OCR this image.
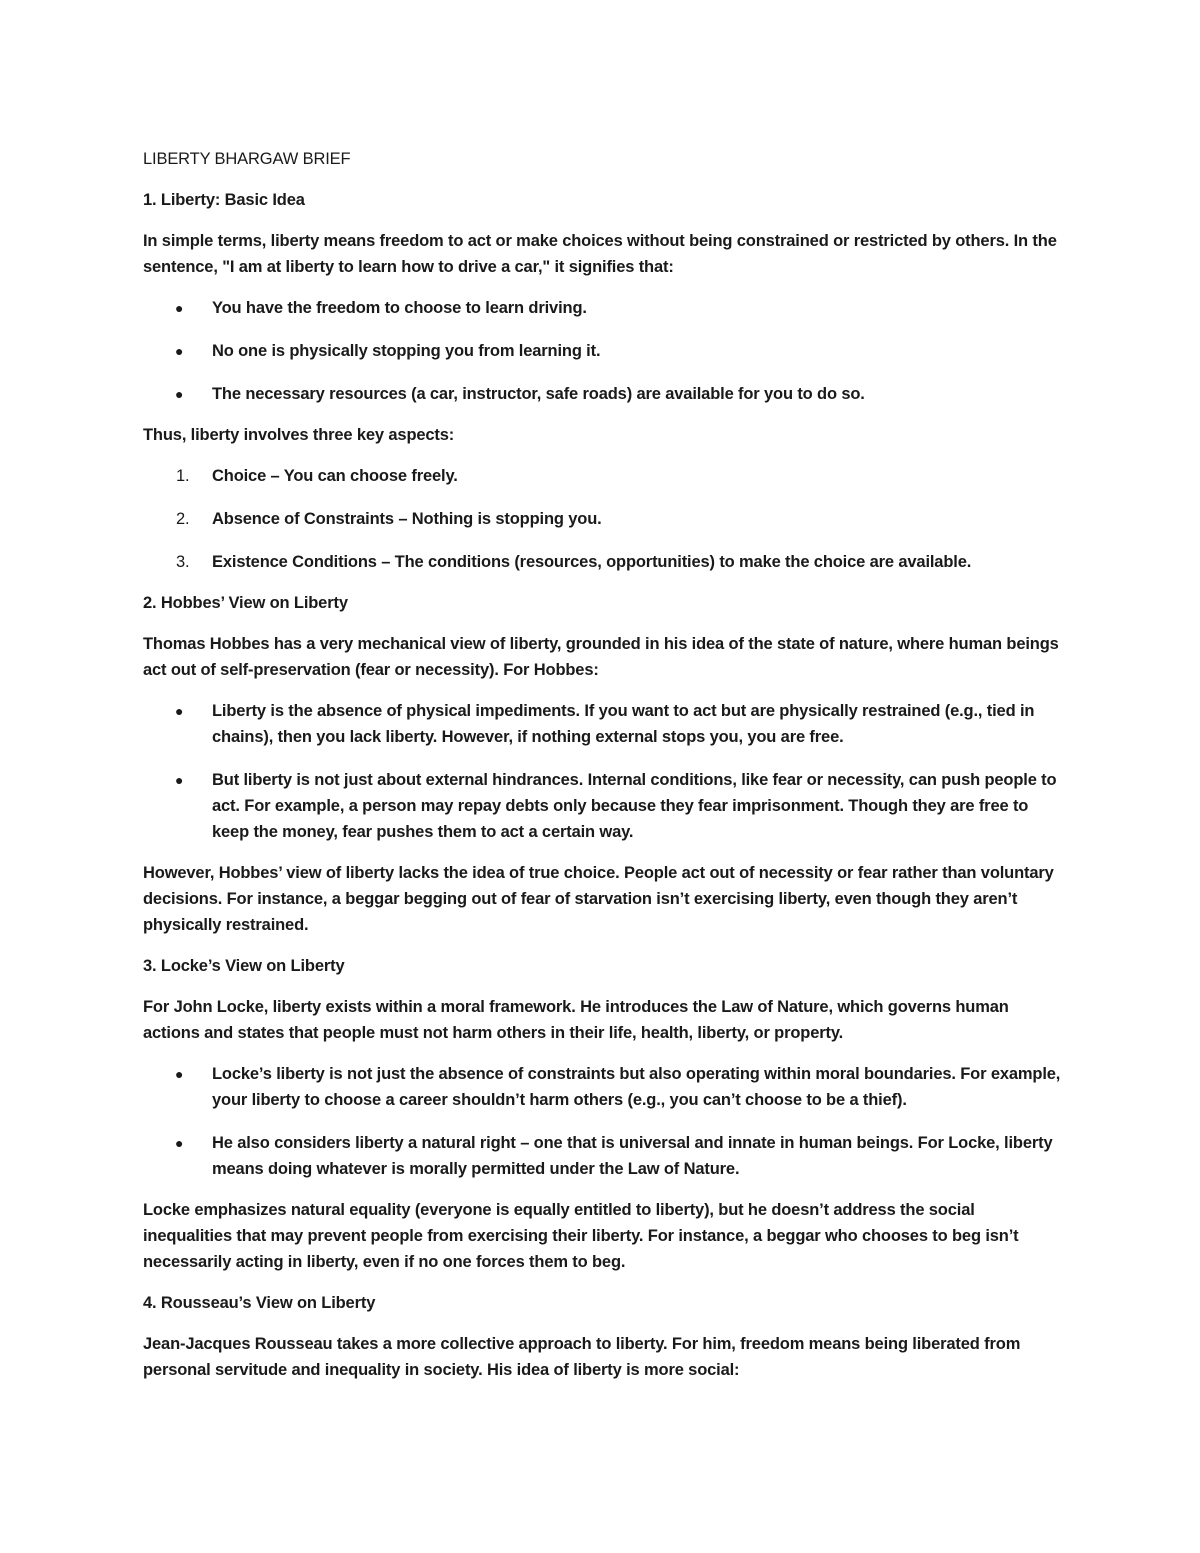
LIBERTY BHARGAW BRIEF

1. Liberty: Basic Idea

In simple terms, liberty means freedom to act or make choices without being constrained or restricted by others. In the sentence, "I am at liberty to learn how to drive a car," it signifies that:

● You have the freedom to choose to learn driving.
● No one is physically stopping you from learning it.
● The necessary resources (a car, instructor, safe roads) are available for you to do so.

Thus, liberty involves three key aspects:

1. Choice – You can choose freely.
2. Absence of Constraints – Nothing is stopping you.
3. Existence Conditions – The conditions (resources, opportunities) to make the choice are available.
2. Hobbes’ View on Liberty

Thomas Hobbes has a very mechanical view of liberty, grounded in his idea of the state of nature, where human beings act out of self-preservation (fear or necessity). For Hobbes:

● Liberty is the absence of physical impediments. If you want to act but are physically restrained (e.g., tied in chains), then you lack liberty. However, if nothing external stops you, you are free.
● But liberty is not just about external hindrances. Internal conditions, like fear or necessity, can push people to act. For example, a person may repay debts only because they fear imprisonment. Though they are free to keep the money, fear pushes them to act a certain way.

However, Hobbes’ view of liberty lacks the idea of true choice. People act out of necessity or fear rather than voluntary decisions. For instance, a beggar begging out of fear of starvation isn’t exercising liberty, even though they aren’t physically restrained.

3. Locke’s View on Liberty

For John Locke, liberty exists within a moral framework. He introduces the Law of Nature, which governs human actions and states that people must not harm others in their life, health, liberty, or property.

● Locke’s liberty is not just the absence of constraints but also operating within moral boundaries. For example, your liberty to choose a career shouldn’t harm others (e.g., you can’t choose to be a thief).
● He also considers liberty a natural right – one that is universal and innate in human beings. For Locke, liberty means doing whatever is morally permitted under the Law of Nature.

Locke emphasizes natural equality (everyone is equally entitled to liberty), but he doesn’t address the social inequalities that may prevent people from exercising their liberty. For instance, a beggar who chooses to beg isn’t necessarily acting in liberty, even if no one forces them to beg.

4. Rousseau’s View on Liberty

Jean-Jacques Rousseau takes a more collective approach to liberty. For him, freedom means being liberated from personal servitude and inequality in society. His idea of liberty is more social:
